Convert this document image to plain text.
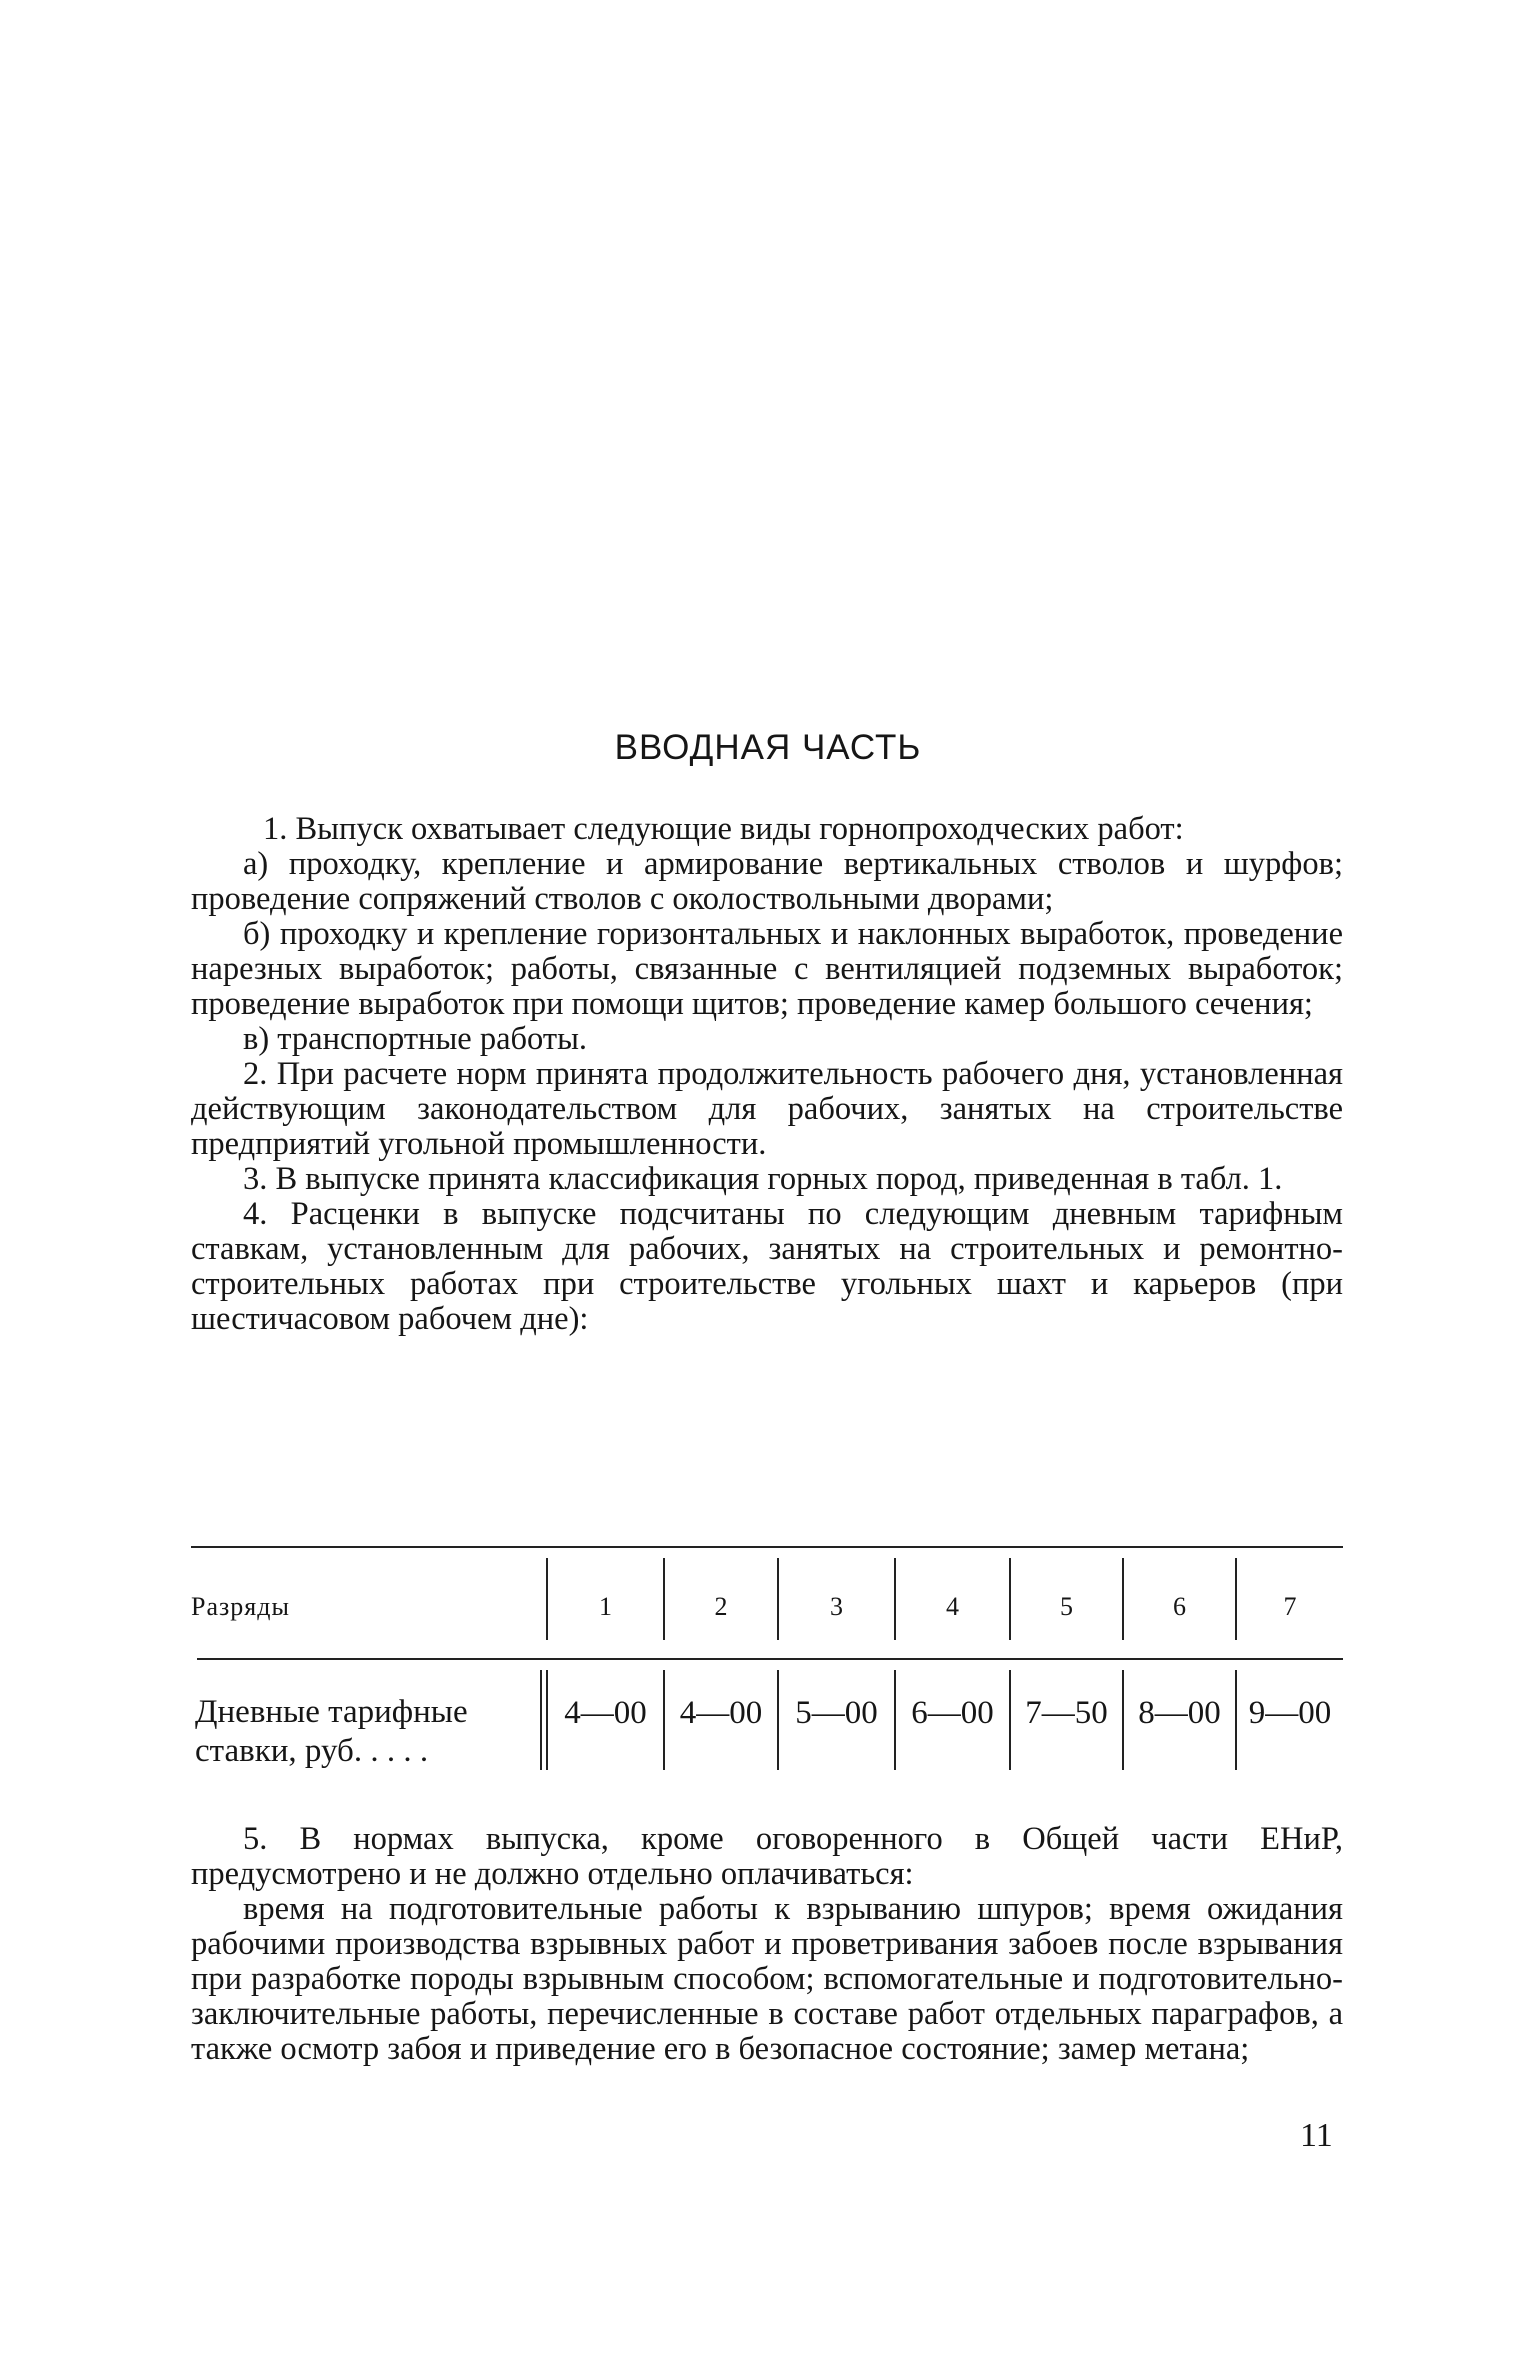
ВВОДНАЯ ЧАСТЬ

1. Выпуск охватывает следующие виды горнопроходческих работ:

а) проходку, крепление и армирование вертикальных стволов и шурфов; проведение сопряжений стволов с околоствольными дворами;

б) проходку и крепление горизонтальных и наклонных выработок, проведение нарезных выработок; работы, связанные с вентиляцией подземных выработок; проведение выработок при помощи щитов; проведение камер большого сечения;

в) транспортные работы.

2. При расчете норм принята продолжительность рабочего дня, установленная действующим законодательством для рабочих, занятых на строительстве предприятий угольной промышленности.

3. В выпуске принята классификация горных пород, приведенная в табл. 1.

4. Расценки в выпуске подсчитаны по следующим дневным тарифным ставкам, установленным для рабочих, занятых на строительных и ремонтно-строительных работах при строительстве угольных шахт и карьеров (при шестичасовом рабочем дне):

Разряды	1	2	3	4	5	6	7
Дневные тарифные
ставки, руб. . . . .
4—00	4—00	5—00	6—00 7—50 8—00 9—00

5. В нормах выпуска, кроме оговоренного в Общей части ЕНиР, предусмотрено и не должно отдельно оплачиваться:

время на подготовительные работы к взрыванию шпуров; время ожидания рабочими производства взрывных работ и проветривания забоев после взрывания при разработке породы взрывным способом; вспомогательные и подготовительно-заключительные работы, перечисленные в составе работ отдельных параграфов, а также осмотр забоя и приведение его в безопасное состояние; замер метана;

11
